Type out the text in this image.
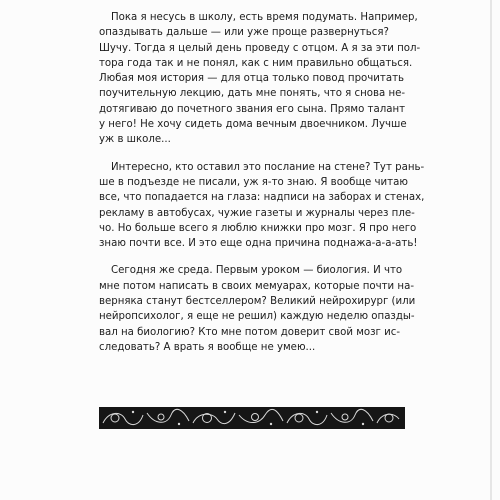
Пока я несусь в школу, есть время подумать. Например,
опаздывать дальше — или уже проще развернуться?
Шучу. Тогда я целый день проведу с отцом. А я за эти пол-
тора года так и не понял, как с ним правильно общаться.
Любая моя история — для отца только повод прочитать
поучительную лекцию, дать мне понять, что я снова не-
дотягиваю до почетного звания его сына. Прямо талант
у него! Не хочу сидеть дома вечным двоечником. Лучше
уж в школе...

Интересно, кто оставил это послание на стене? Тут рань-
ше в подъезде не писали, уж я-то знаю. Я вообще читаю
все, что попадается на глаза: надписи на заборах и стенах,
рекламу в автобусах, чужие газеты и журналы через пле-
чо. Но больше всего я люблю книжки про мозг. Я про него
знаю почти все. И это еще одна причина поднажа-а-а-ать!

Сегодня же среда. Первым уроком — биология. И что
мне потом написать в своих мемуарах, которые почти на-
верняка станут бестселлером? Великий нейрохирург (или
нейропсихолог, я еще не решил) каждую неделю опазды-
вал на биологию? Кто мне потом доверит свой мозг ис-
следовать? А врать я вообще не умею...
